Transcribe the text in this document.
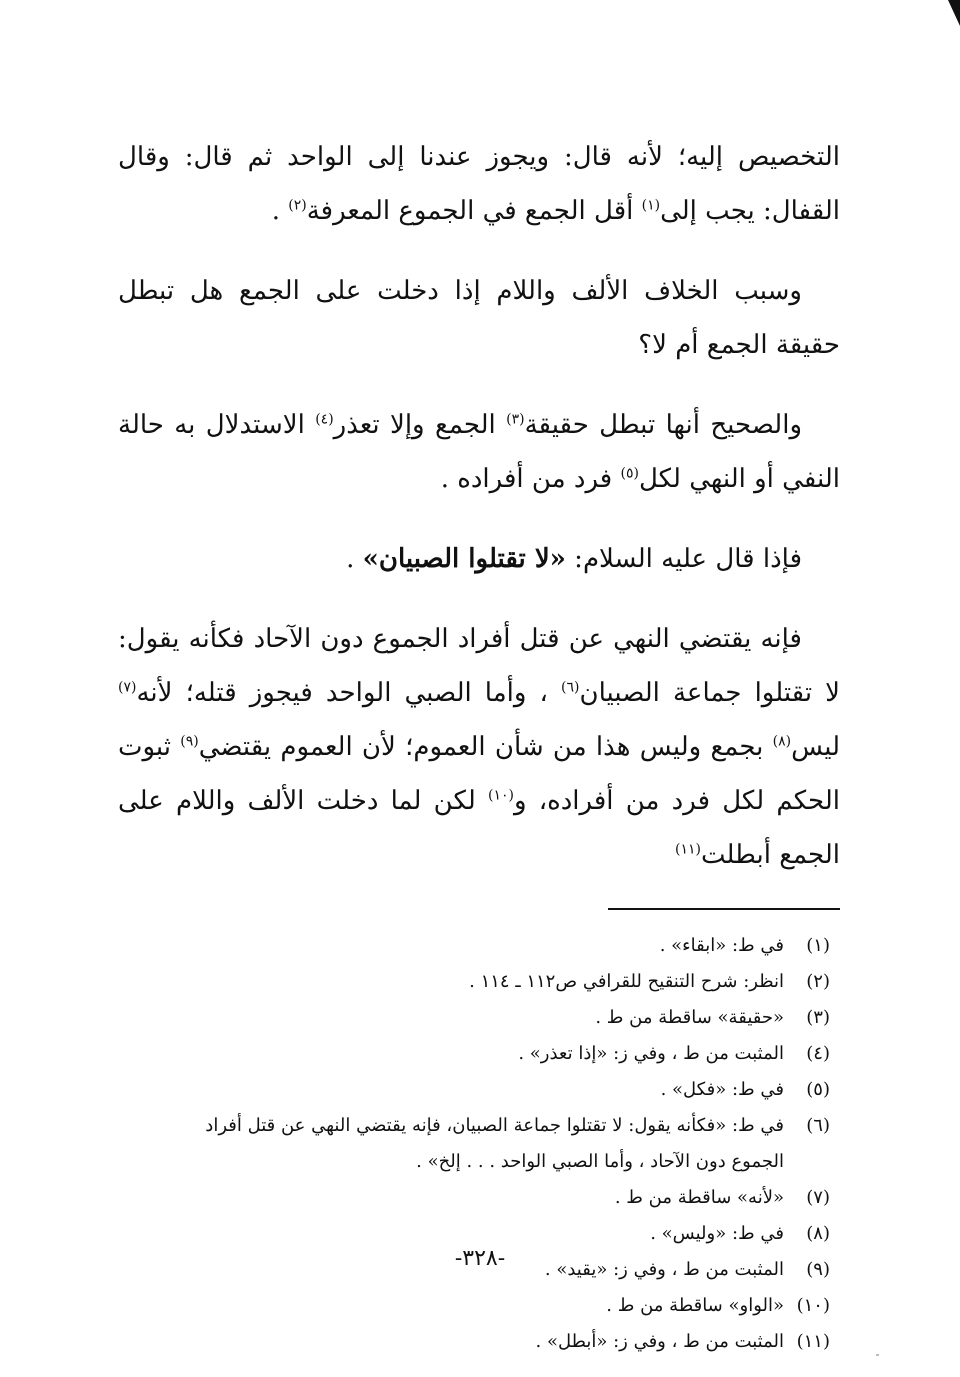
التخصيص إليه؛ لأنه قال: ويجوز عندنا إلى الواحد ثم قال: وقال القفال: يجب إلى$^{(١)}$ أقل الجمع في الجموع المعرفة$^{(٢)}$ .

وسبب الخلاف الألف واللام إذا دخلت على الجمع هل تبطل حقيقة الجمع أم لا؟

والصحيح أنها تبطل حقيقة$^{(٣)}$ الجمع وإلا تعذر$^{(٤)}$ الاستدلال به حالة النفي أو النهي لكل$^{(٥)}$ فرد من أفراده .

فإذا قال عليه السلام: «لا تقتلوا الصبيان» .

فإنه يقتضي النهي عن قتل أفراد الجموع دون الآحاد فكأنه يقول: لا تقتلوا جماعة الصبيان$^{(٦)}$ ، وأما الصبي الواحد فيجوز قتله؛ لأنه$^{(٧)}$ ليس$^{(٨)}$ بجمع وليس هذا من شأن العموم؛ لأن العموم يقتضي$^{(٩)}$ ثبوت الحكم لكل فرد من أفراده، و$^{(١٠)}$ لكن لما دخلت الألف واللام على الجمع أبطلت$^{(١١)}$

(١)في ط: «ابقاء» .
(٢)انظر: شرح التنقيح للقرافي ص١١٢ ـ ١١٤ .
(٣)«حقيقة» ساقطة من ط .
(٤)المثبت من ط ، وفي ز: «إذا تعذر» .
(٥)في ط: «فكل» .
(٦)في ط: «فكأنه يقول: لا تقتلوا جماعة الصبيان، فإنه يقتضي النهي عن قتل أفراد
الجموع دون الآحاد ، وأما الصبي الواحد . . . إلخ» .
(٧)«لأنه» ساقطة من ط .
(٨)في ط: «وليس» .
(٩)المثبت من ط ، وفي ز: «يقيد» .
(١٠)«الواو» ساقطة من ط .
(١١)المثبت من ط ، وفي ز: «أبطل» .
-٣٢٨-
